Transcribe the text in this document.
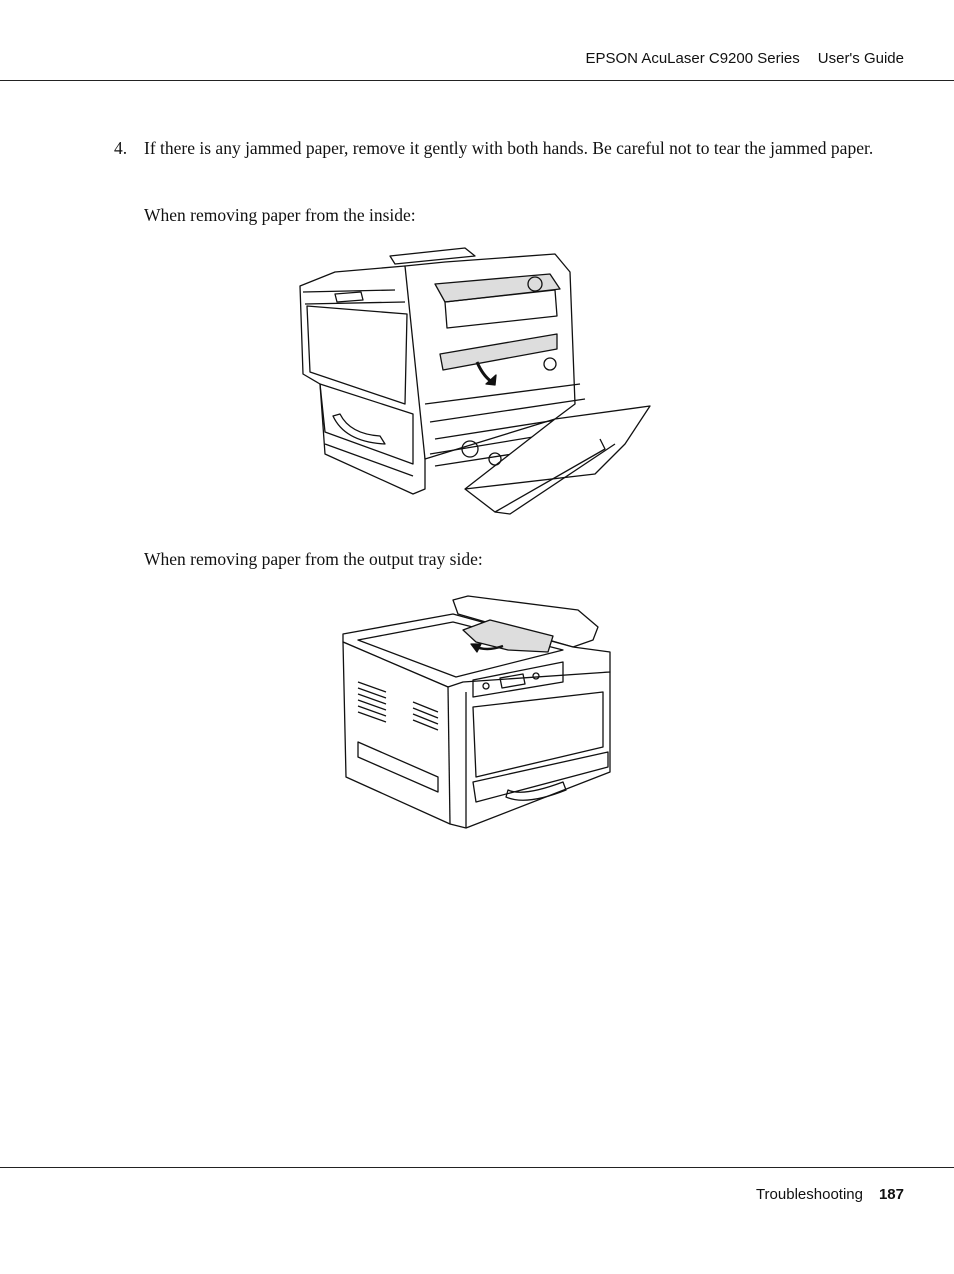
EPSON AcuLaser C9200 Series User's Guide
4. If there is any jammed paper, remove it gently with both hands. Be careful not to tear the jammed paper.
When removing paper from the inside:
When removing paper from the output tray side:
Troubleshooting 187
